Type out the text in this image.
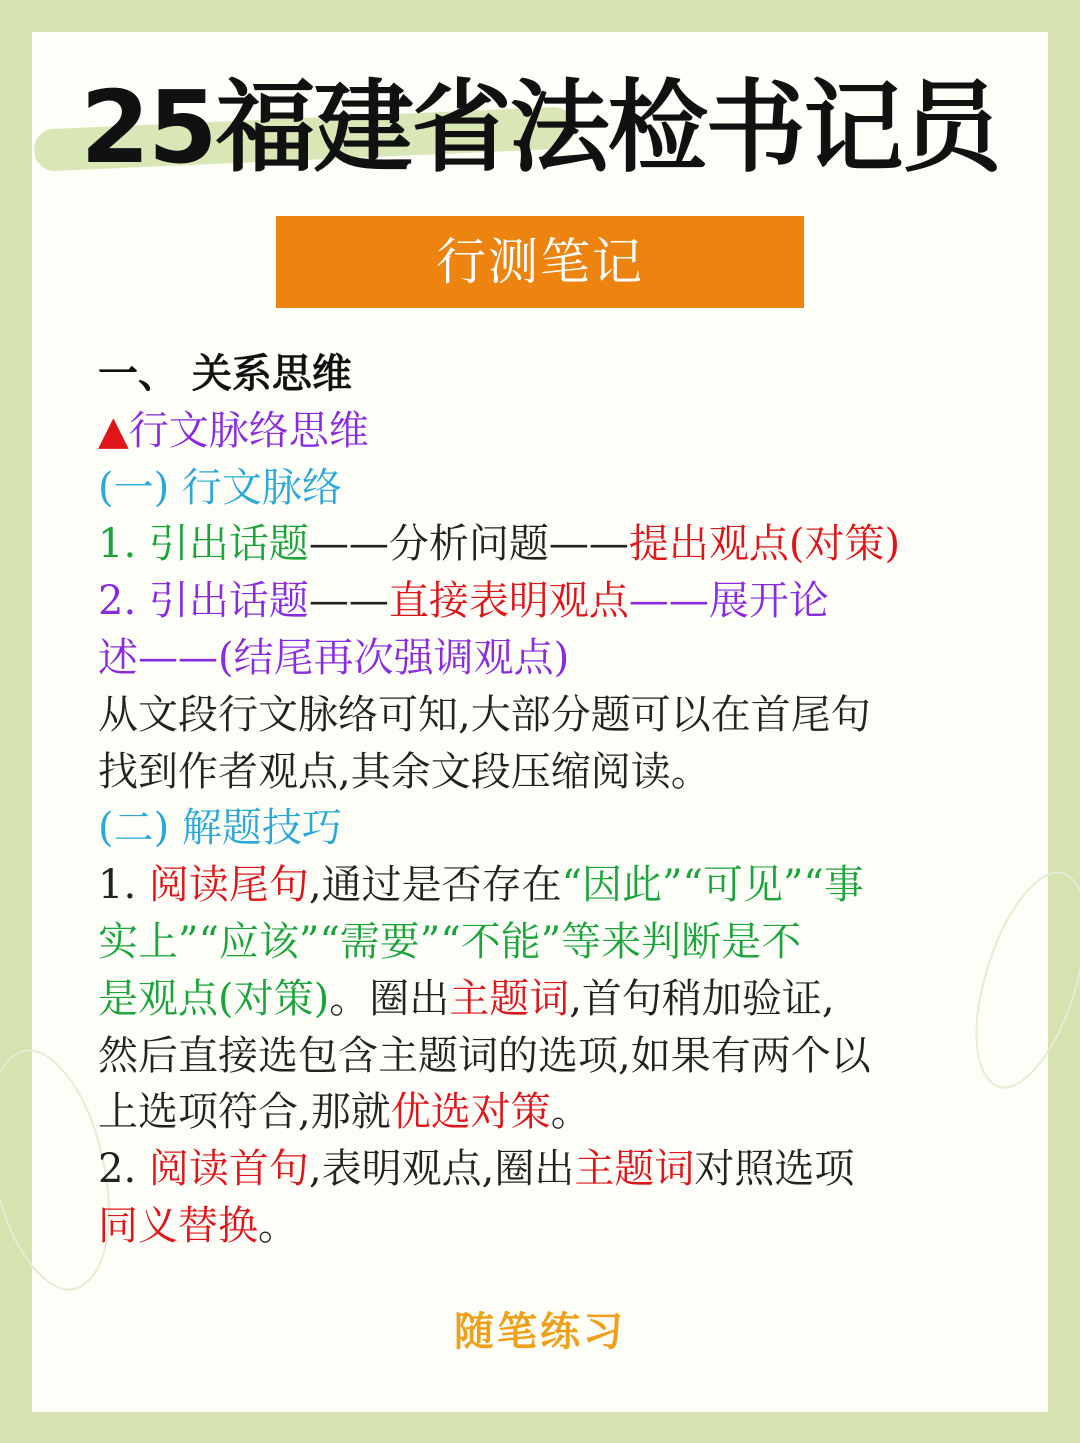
25福建省法检书记员
行测笔记

一、 关系思维

▲行文脉络思维

(一) 行文脉络

1. 引出话题——分析问题——提出观点(对策)

2. 引出话题——直接表明观点——展开论

述——(结尾再次强调观点)

从文段行文脉络可知,大部分题可以在首尾句

找到作者观点,其余文段压缩阅读。

(二) 解题技巧

1. 阅读尾句,通过是否存在“因此”“可见”“事

实上”“应该”“需要”“不能”等来判断是不

是观点(对策)。圈出主题词,首句稍加验证,

然后直接选包含主题词的选项,如果有两个以

上选项符合,那就优选对策。

2. 阅读首句,表明观点,圈出主题词对照选项

同义替换。

随笔练习
